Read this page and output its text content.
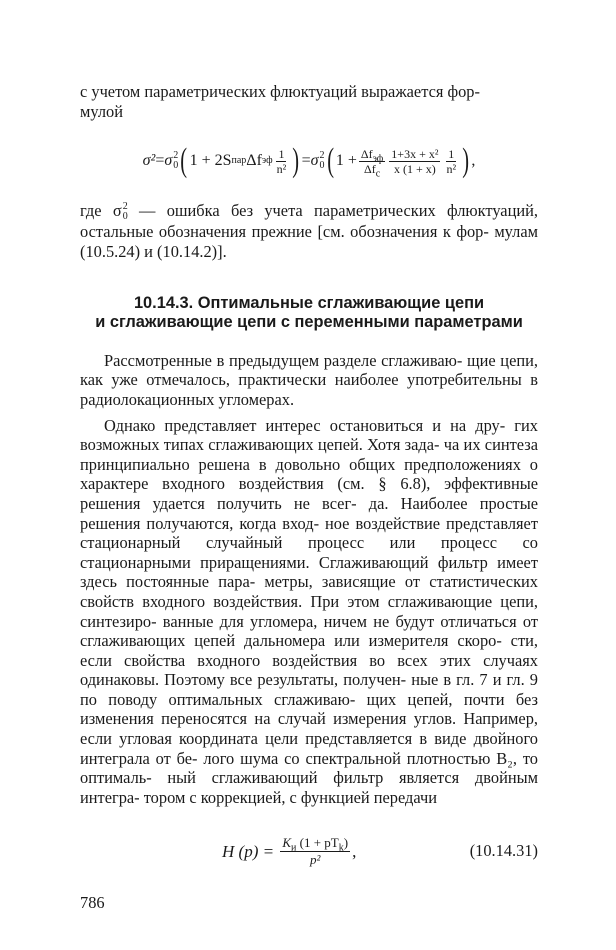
с учетом параметрических флюктуаций выражается фор-
мулой

σ² = σ 2
0 ( 1
+
2S пар Δf эф $\frac{1}{\text{n²}}$ ) = σ 2
0 ( 1
+ $\frac{\Delta f_{эф}}{\Delta f_c} \frac{\text{1+3x + x²}}{x (1 + x)} \frac{1}{\text{n²}}$ ) ,

где σ 2
0 — ошибка без учета параметрических флюктуаций, остальные обозначения прежние [см. обозначения к фор- мулам (10.5.24) и (10.14.2)].

10.14.3. Оптимальные сглаживающие цепи
и сглаживающие цепи с переменными параметрами

Рассмотренные в предыдущем разделе сглаживаю- щие цепи, как уже отмечалось, практически наиболее употребительны в радиолокационных угломерах.

Однако представляет интерес остановиться и на дру- гих возможных типах сглаживающих цепей. Хотя зада- ча их синтеза принципиально решена в довольно общих предположениях о характере входного воздействия (см. § 6.8), эффективные решения удается получить не всег- да. Наиболее простые решения получаются, когда вход- ное воздействие представляет стационарный случайный процесс или процесс со стационарными приращениями. Сглаживающий фильтр имеет здесь постоянные пара- метры, зависящие от статистических свойств входного воздействия. При этом сглаживающие цепи, синтезиро- ванные для угломера, ничем не будут отличаться от сглаживающих цепей дальномера или измерителя скоро- сти, если свойства входного воздействия во всех этих случаях одинаковы. Поэтому все результаты, получен- ные в гл. 7 и гл. 9 по поводу оптимальных сглаживаю- щих цепей, почти без изменения переносятся на случай измерения углов. Например, если угловая координата цели представляется в виде двойного интеграла от бе- лого шума со спектральной плотностью B₂, то оптималь- ный сглаживающий фильтр является двойным интегра- тором с коррекцией, с функцией передачи

H (p) =
$\frac{K_и (1 + pT_k)}{\text{p²}}$ ,	(10.14.31)
786
